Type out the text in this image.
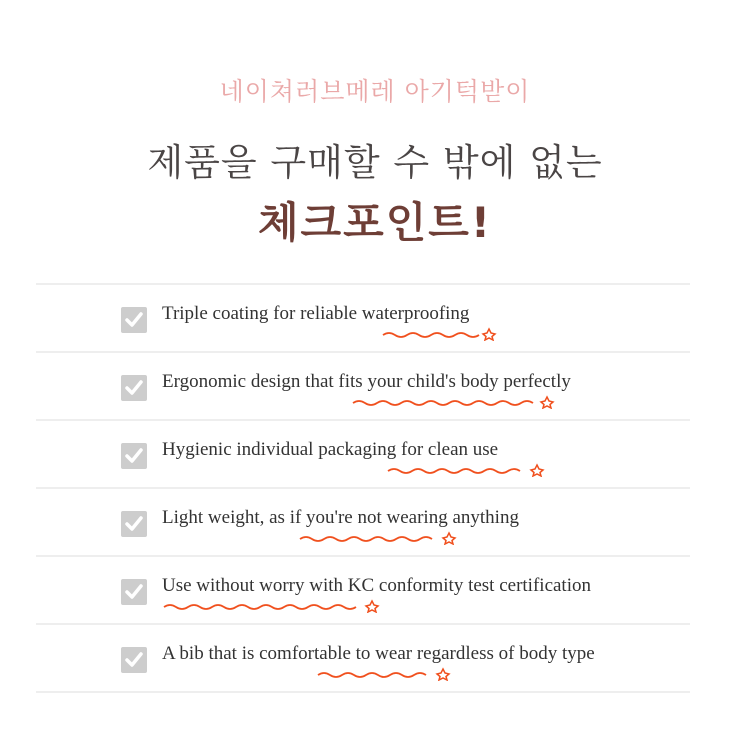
네이쳐러브메레 아기턱받이
제품을 구매할 수 밖에 없는
체크포인트!
Triple coating for reliable waterproofing
Ergonomic design that fits your child's body perfectly
Hygienic individual packaging for clean use
Light weight, as if you're not wearing anything
Use without worry with KC conformity test certification
A bib that is comfortable to wear regardless of body type
